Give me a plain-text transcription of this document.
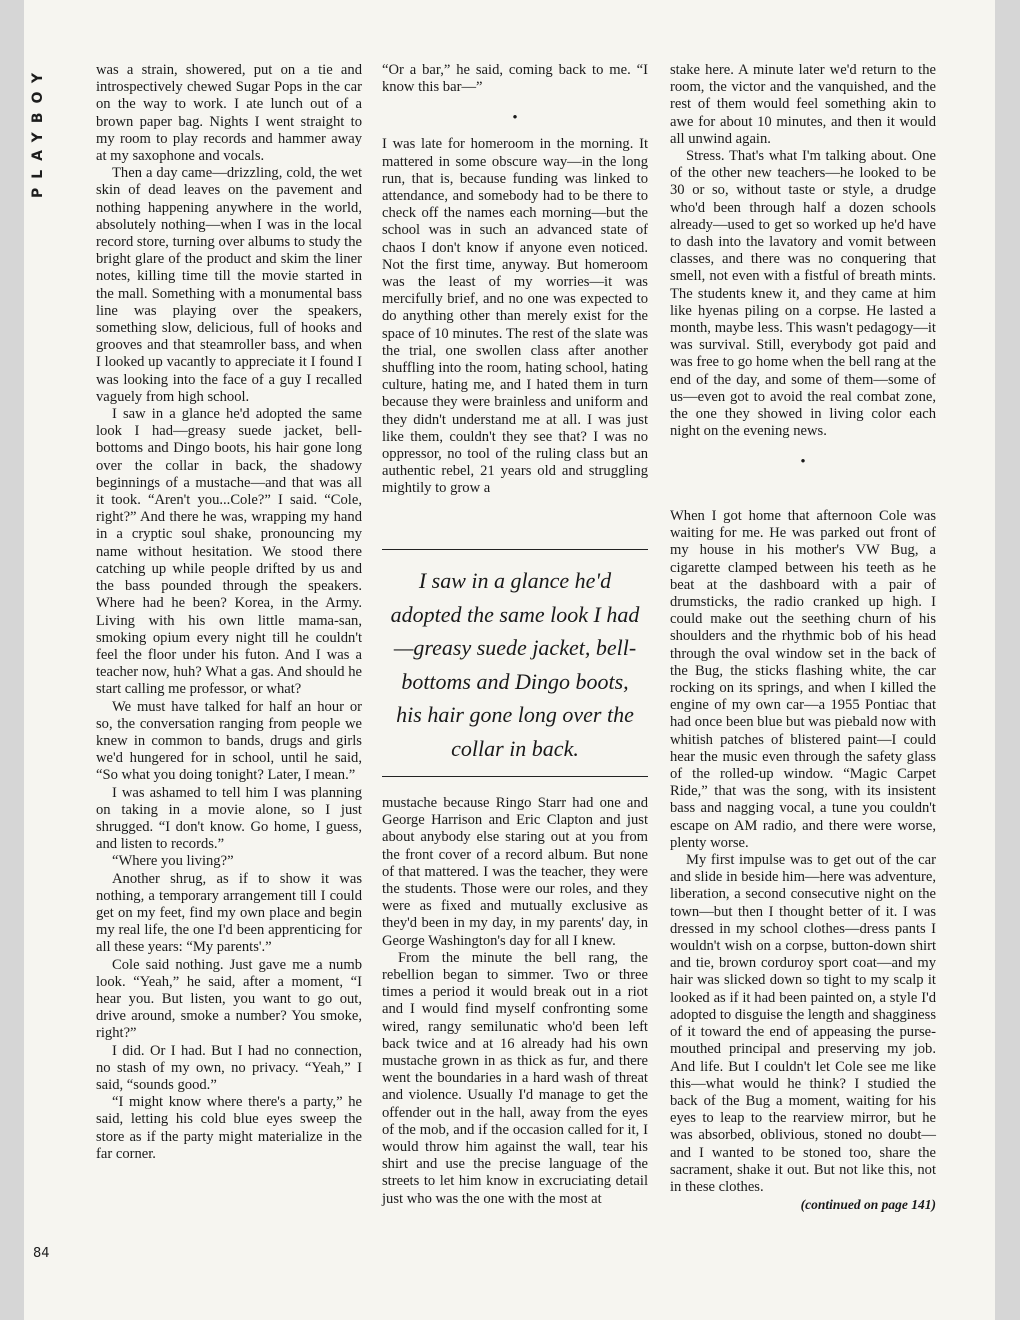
PLAYBOY
84

was a strain, showered, put on a tie and introspectively chewed Sugar Pops in the car on the way to work. I ate lunch out of a brown paper bag. Nights I went straight to my room to play records and hammer away at my saxophone and vocals.

Then a day came—drizzling, cold, the wet skin of dead leaves on the pavement and nothing happening anywhere in the world, absolutely nothing—when I was in the local record store, turning over albums to study the bright glare of the product and skim the liner notes, killing time till the movie started in the mall. Something with a monumental bass line was playing over the speakers, something slow, delicious, full of hooks and grooves and that steamroller bass, and when I looked up vacantly to appreciate it I found I was looking into the face of a guy I recalled vaguely from high school.

I saw in a glance he'd adopted the same look I had—greasy suede jacket, bell-bottoms and Dingo boots, his hair gone long over the collar in back, the shadowy beginnings of a mustache—and that was all it took. “Aren't you...Cole?” I said. “Cole, right?” And there he was, wrapping my hand in a cryptic soul shake, pronouncing my name without hesitation. We stood there catching up while people drifted by us and the bass pounded through the speakers. Where had he been? Korea, in the Army. Living with his own little mama-san, smoking opium every night till he couldn't feel the floor under his futon. And I was a teacher now, huh? What a gas. And should he start calling me professor, or what?

We must have talked for half an hour or so, the conversation ranging from people we knew in common to bands, drugs and girls we'd hungered for in school, until he said, “So what you doing tonight? Later, I mean.”

I was ashamed to tell him I was planning on taking in a movie alone, so I just shrugged. “I don't know. Go home, I guess, and listen to records.”

“Where you living?”

Another shrug, as if to show it was nothing, a temporary arrangement till I could get on my feet, find my own place and begin my real life, the one I'd been apprenticing for all these years: “My parents'.”

Cole said nothing. Just gave me a numb look. “Yeah,” he said, after a moment, “I hear you. But listen, you want to go out, drive around, smoke a number? You smoke, right?”

I did. Or I had. But I had no connection, no stash of my own, no privacy. “Yeah,” I said, “sounds good.”

“I might know where there's a party,” he said, letting his cold blue eyes sweep the store as if the party might materialize in the far corner.

“Or a bar,” he said, coming back to me. “I know this bar—”

•

I was late for homeroom in the morning. It mattered in some obscure way—in the long run, that is, because funding was linked to attendance, and somebody had to be there to check off the names each morning—but the school was in such an advanced state of chaos I don't know if anyone even noticed. Not the first time, anyway. But homeroom was the least of my worries—it was mercifully brief, and no one was expected to do anything other than merely exist for the space of 10 minutes. The rest of the slate was the trial, one swollen class after another shuffling into the room, hating school, hating culture, hating me, and I hated them in turn because they were brainless and uniform and they didn't understand me at all. I was just like them, couldn't they see that? I was no oppressor, no tool of the ruling class but an authentic rebel, 21 years old and struggling mightily to grow a

I saw in a glance he'd adopted the same look I had—greasy suede jacket, bell-bottoms and Dingo boots, his hair gone long over the collar in back.

mustache because Ringo Starr had one and George Harrison and Eric Clapton and just about anybody else staring out at you from the front cover of a record album. But none of that mattered. I was the teacher, they were the students. Those were our roles, and they were as fixed and mutually exclusive as they'd been in my day, in my parents' day, in George Washington's day for all I knew.

From the minute the bell rang, the rebellion began to simmer. Two or three times a period it would break out in a riot and I would find myself confronting some wired, rangy semilunatic who'd been left back twice and at 16 already had his own mustache grown in as thick as fur, and there went the boundaries in a hard wash of threat and violence. Usually I'd manage to get the offender out in the hall, away from the eyes of the mob, and if the occasion called for it, I would throw him against the wall, tear his shirt and use the precise language of the streets to let him know in excruciating detail just who was the one with the most at

stake here. A minute later we'd return to the room, the victor and the vanquished, and the rest of them would feel something akin to awe for about 10 minutes, and then it would all unwind again.

Stress. That's what I'm talking about. One of the other new teachers—he looked to be 30 or so, without taste or style, a drudge who'd been through half a dozen schools already—used to get so worked up he'd have to dash into the lavatory and vomit between classes, and there was no conquering that smell, not even with a fistful of breath mints. The students knew it, and they came at him like hyenas piling on a corpse. He lasted a month, maybe less. This wasn't pedagogy—it was survival. Still, everybody got paid and was free to go home when the bell rang at the end of the day, and some of them—some of us—even got to avoid the real combat zone, the one they showed in living color each night on the evening news.

•

When I got home that afternoon Cole was waiting for me. He was parked out front of my house in his mother's VW Bug, a cigarette clamped between his teeth as he beat at the dashboard with a pair of drumsticks, the radio cranked up high. I could make out the seething churn of his shoulders and the rhythmic bob of his head through the oval window set in the back of the Bug, the sticks flashing white, the car rocking on its springs, and when I killed the engine of my own car—a 1955 Pontiac that had once been blue but was piebald now with whitish patches of blistered paint—I could hear the music even through the safety glass of the rolled-up window. “Magic Carpet Ride,” that was the song, with its insistent bass and nagging vocal, a tune you couldn't escape on AM radio, and there were worse, plenty worse.

My first impulse was to get out of the car and slide in beside him—here was adventure, liberation, a second consecutive night on the town—but then I thought better of it. I was dressed in my school clothes—dress pants I wouldn't wish on a corpse, button-down shirt and tie, brown corduroy sport coat—and my hair was slicked down so tight to my scalp it looked as if it had been painted on, a style I'd adopted to disguise the length and shagginess of it toward the end of appeasing the purse-mouthed principal and preserving my job. And life. But I couldn't let Cole see me like this—what would he think? I studied the back of the Bug a moment, waiting for his eyes to leap to the rearview mirror, but he was absorbed, oblivious, stoned no doubt—and I wanted to be stoned too, share the sacrament, shake it out. But not like this, not in these clothes.

(continued on page 141)
